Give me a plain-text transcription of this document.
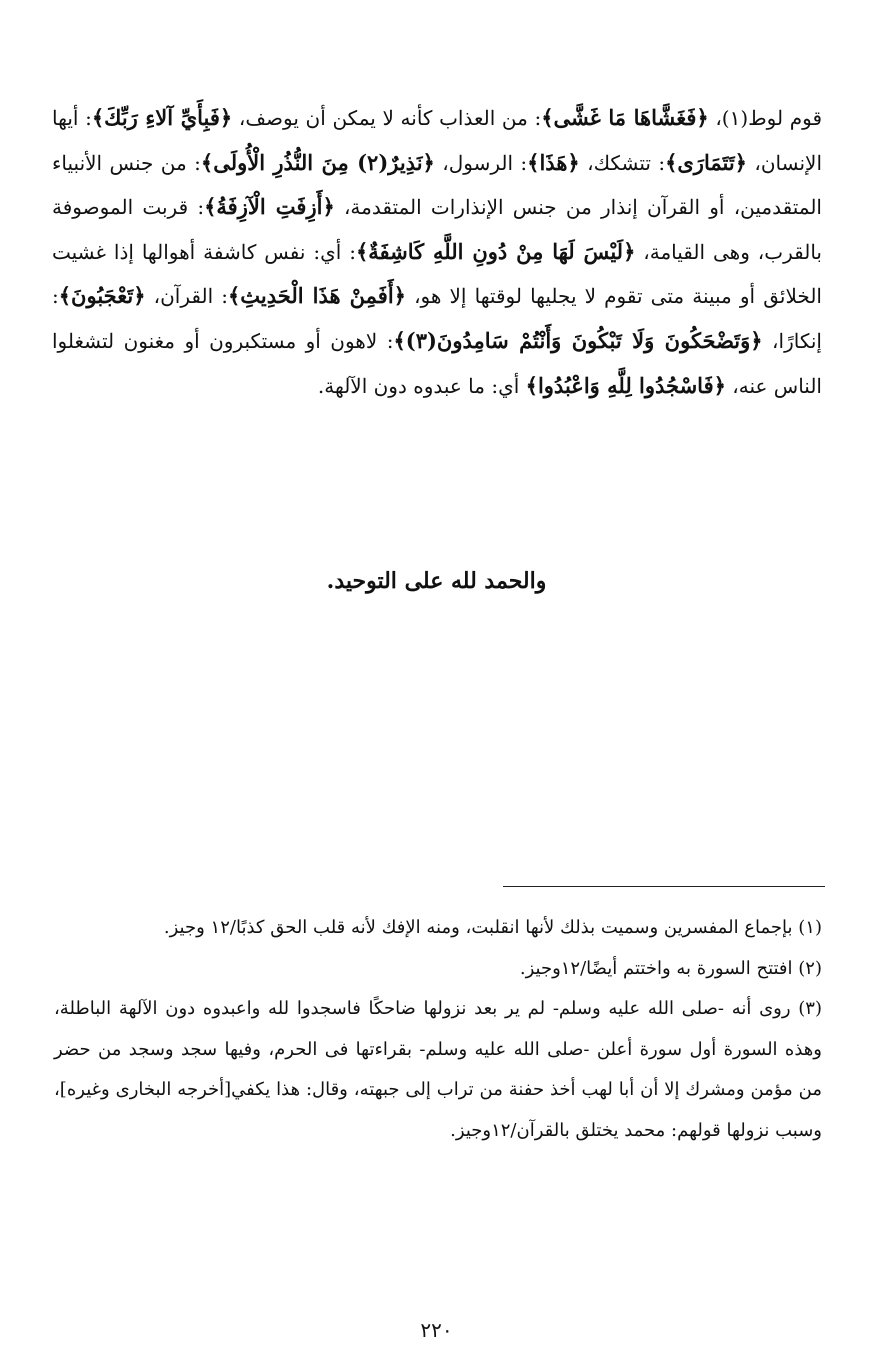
قوم لوط(١)، ﴿فَغَشَّاهَا مَا غَشَّى﴾: من العذاب كأنه لا يمكن أن يوصف، ﴿فَبِأَيِّ آلاءِ رَبِّكَ﴾: أيها الإنسان، ﴿تَتَمَارَى﴾: تتشكك، ﴿هَذَا﴾: الرسول، ﴿نَذِيرٌ(٢) مِنَ النُّذُرِ الْأُولَى﴾: من جنس الأنبياء المتقدمين، أو القرآن إنذار من جنس الإنذارات المتقدمة، ﴿أَزِفَتِ الْآزِفَةُ﴾: قربت الموصوفة بالقرب، وهى القيامة، ﴿لَيْسَ لَهَا مِنْ دُونِ اللَّهِ كَاشِفَةٌ﴾: أي: نفس كاشفة أهوالها إذا غشيت الخلائق أو مبينة متى تقوم لا يجليها لوقتها إلا هو، ﴿أَفَمِنْ هَذَا الْحَدِيثِ﴾: القرآن، ﴿تَعْجَبُونَ﴾: إنكارًا، ﴿وَتَضْحَكُونَ وَلَا تَبْكُونَ وَأَنْتُمْ سَامِدُونَ(٣)﴾: لاهون أو مستكبرون أو مغنون لتشغلوا الناس عنه، ﴿فَاسْجُدُوا لِلَّهِ وَاعْبُدُوا﴾ أي: ما عبدوه دون الآلهة.
والحمد لله على التوحيد.

(١) بإجماع المفسرين وسميت بذلك لأنها انقلبت، ومنه الإفك لأنه قلب الحق كذبًا/١٢ وجيز.

(٢) افتتح السورة به واختتم أيضًا/١٢وجيز.

(٣) روى أنه -صلى الله عليه وسلم- لم ير بعد نزولها ضاحكًا فاسجدوا لله واعبدوه دون الآلهة الباطلة، وهذه السورة أول سورة أعلن -صلى الله عليه وسلم- بقراءتها فى الحرم، وفيها سجد وسجد من حضر من مؤمن ومشرك إلا أن أبا لهب أخذ حفنة من تراب إلى جبهته، وقال: هذا يكفي[أخرجه البخارى وغيره]، وسبب نزولها قولهم: محمد يختلق بالقرآن/١٢وجيز.

٢٢٠
